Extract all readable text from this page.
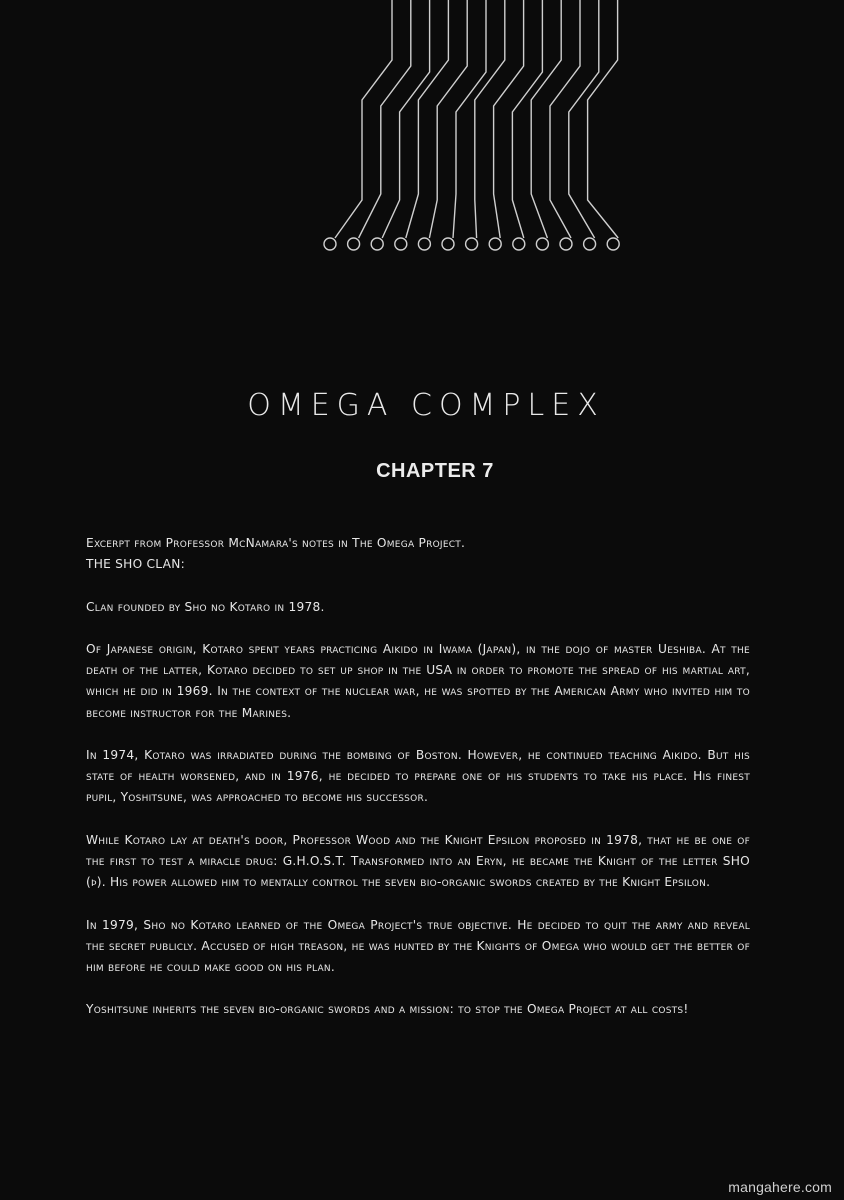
OMEGA COMPLEX
CHAPTER 7

Excerpt from Professor McNamara's notes in The Omega Project.

THE SHO CLAN:

Clan founded by Sho no Kotaro in 1978.

Of Japanese origin, Kotaro spent years practicing Aikido in Iwama (Japan), in the dojo of master Ueshiba. At the death of the latter, Kotaro decided to set up shop in the USA in order to promote the spread of his martial art, which he did in 1969. In the context of the nuclear war, he was spotted by the American Army who invited him to become instructor for the Marines.

In 1974, Kotaro was irradiated during the bombing of Boston. However, he continued teaching Aikido. But his state of health worsened, and in 1976, he decided to prepare one of his students to take his place. His finest pupil, Yoshitsune, was approached to become his successor.

While Kotaro lay at death's door, Professor Wood and the Knight Epsilon proposed in 1978, that he be one of the first to test a miracle drug: G.H.O.S.T. Transformed into an Eryn, he became the Knight of the letter SHO (þ). His power allowed him to mentally control the seven bio-organic swords created by the Knight Epsilon.

In 1979, Sho no Kotaro learned of the Omega Project's true objective. He decided to quit the army and reveal the secret publicly. Accused of high treason, he was hunted by the Knights of Omega who would get the better of him before he could make good on his plan.

Yoshitsune inherits the seven bio-organic swords and a mission: to stop the Omega Project at all costs!

mangahere.com
